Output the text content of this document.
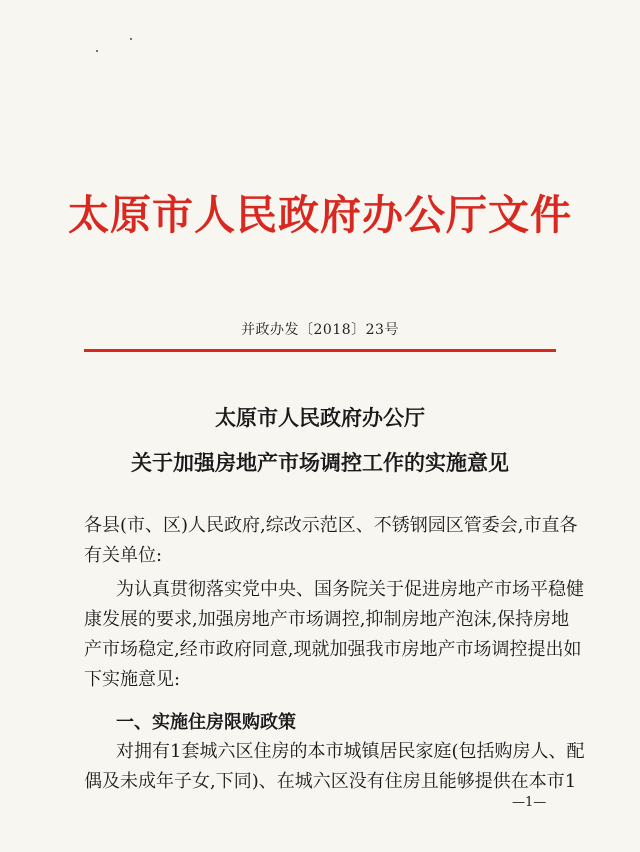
太原市人民政府办公厅文件
并政办发〔2018〕23号
太原市人民政府办公厅
关于加强房地产市场调控工作的实施意见
各县(市、区)人民政府,综改示范区、不锈钢园区管委会,市直各
有关单位:
为认真贯彻落实党中央、国务院关于促进房地产市场平稳健
康发展的要求,加强房地产市场调控,抑制房地产泡沫,保持房地
产市场稳定,经市政府同意,现就加强我市房地产市场调控提出如
下实施意见:
一、实施住房限购政策
对拥有1套城六区住房的本市城镇居民家庭(包括购房人、配
偶及未成年子女,下同)、在城六区没有住房且能够提供在本市1
—1—
